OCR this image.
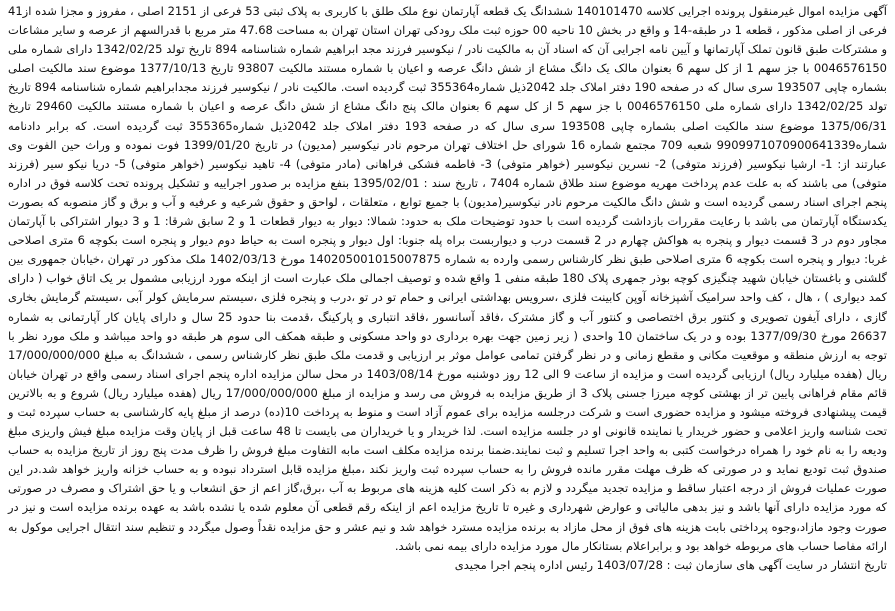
آگهی مزایده اموال غیرمنقول پرونده اجرایی کلاسه 140101470 ششدانگ یک قطعه آپارتمان نوع ملک طلق با کاربری به پلاک ثبتی 53 فرعی از 2151 اصلی ، مفروز و مجزا شده از41 فرعی از اصلی مذکور ، قطعه 1 در طبقه-14 و واقع در بخش 10 ناحیه 00 حوزه ثبت ملک رودکی تهران استان تهران به مساحت 47.68 متر مربع با قدرالسهم از عرصه و سایر مشاعات و مشترکات طبق قانون تملک آپارتمانها و آیین نامه اجرایی آن که اسناد آن به مالکیت نادر / نیکوسیر فرزند مجد ابراهیم شماره شناسنامه 894 تاریخ تولد 1342/02/25 دارای شماره ملی 0046576150 با جز سهم 1 از کل سهم 6 بعنوان مالک یک دانگ مشاع از شش دانگ عرصه و اعیان با شماره مستند مالکیت 93807 تاریخ 1377/10/13 موضوع سند مالکیت اصلی بشماره چاپی 193507 سری سال که در صفحه 190 دفتر املاک جلد 2042ذیل شماره355364 ثبت گردیده است. مالکیت نادر / نیکوسیر فرزند مجدابراهیم شماره شناسنامه 894 تاریخ تولد 1342/02/25 دارای شماره ملی 0046576150 با جز سهم 5 از کل سهم 6 بعنوان مالک پنج دانگ مشاع از شش دانگ عرصه و اعیان با شماره مستند مالکیت 29460 تاریخ 1375/06/31 موضوع سند مالکیت اصلی بشماره چاپی 193508 سری سال که در صفحه 193 دفتر املاک جلد 2042ذیل شماره355365 ثبت گردیده است. که برابر دادنامه شماره9909971070900641339 شعبه 709 مجتمع شماره 16 شورای حل اختلاف تهران مرحوم نادر نیکوسیر (مدیون) در تاریخ 1399/01/20 فوت نموده و وراث حین الفوت وی عبارتند از: 1- ارشیا نیکوسیر (فرزند متوفی) 2- نسرین نیکوسیر (خواهر متوفی) 3- فاطمه فشکی فراهانی (مادر متوفی) 4- تاهید نیکوسیر (خواهر متوفی) 5- دریا نیکو سیر (فرزند متوفی) می باشند که به علت عدم پرداخت مهریه موضوع سند طلاق شماره 7404 ، تاریخ سند : 1395/02/01 بنفع مزایده بر صدور اجراییه و تشکیل پرونده تحت کلاسه فوق در اداره پنجم اجرای اسناد رسمی گردیده است و شش دانگ مالکیت مرحوم نادر نیکوسیر(مدیون) با جمیع توابع ، متعلقات ، لواحق و حقوق شرعیه و عرفیه و آب و برق و گاز منصوبه که بصورت یکدستگاه آپارتمان می باشد با رعایت مقررات بازداشت گردیده است با حدود توضیحات ملک به حدود: شمالا: دیوار به دیوار قطعات 1 و 2 سابق شرقا: 1 و 3 دیوار اشتراکی با آپارتمان مجاور دوم در 3 قسمت دیوار و پنجره به هواکش چهارم در 2 قسمت درب و دیواربست براه پله جنوبا: اول دیوار و پنجره است به حیاط دوم دیوار و پنجره است بکوچه 6 متری اصلاحی غربا: دیوار و پنجره است بکوچه 6 متری اصلاحی طبق نظر کارشناس رسمی وارده به شماره 140205001015007875 مورخ 1402/03/13 ملک مذکور در تهران ،خیابان جمهوری بین گلشنی و باغستان خیابان شهید چنگیزی کوچه بوذر جمهری پلاک 180 طبقه منفی 1 واقع شده و توصیف اجمالی ملک عبارت است از اینکه مورد ارزیابی مشمول بر یک اتاق خواب ( دارای کمد دیواری ) ، هال ، کف واحد سرامیک آشپزخانه آوپن کابینت فلزی ،سرویس بهداشتی ایرانی و حمام تو در تو ،درب و پنجره فلزی ،سیستم سرمایش کولر آبی ،سیستم گرمایش بخاری گازی ، دارای آیفون تصویری و کنتور برق اختصاصی و کنتور آب و گاز مشترک ،فاقد آسانسور ،فاقد انتباری و پارکینگ ،قدمت بنا حدود 25 سال و دارای پایان کار آپارتمانی به شماره 26637 مورخ 1377/09/30 بوده و در یک ساختمان 10 واحدی ( زیر زمین جهت بهره برداری دو واحد مسکونی و طبقه همکف الی سوم هر طبقه دو واحد میباشد و ملک مورد نظر با توجه به ارزش منطقه و موقعیت مکانی و مقطع زمانی و در نظر گرفتن تمامی عوامل موثر بر ارزیابی و قدمت ملک طبق نظر کارشناس رسمی ، ششدانگ به مبلغ 17/000/000/000 ریال (هفده میلیارد ریال) ارزیابی گردیده است و مزایده از ساعت 9 الی 12 روز دوشنبه مورخ 1403/08/14 در محل سالن مزایده اداره پنجم اجرای اسناد رسمی واقع در تهران خیابان قائم مقام فراهانی پایین تر از بهشتی کوچه میرزا جسنی پلاک 3 از طریق مزایده به فروش می رسد و مزایده از مبلغ 17/000/000/000 ریال (هفده میلیارد ریال) شروع و به بالاترین قیمت پیشنهادی فروخته میشود و مزایده حضوری است و شرکت درجلسه مزایده برای عموم آزاد است و منوط به پرداخت 10(ده) درصد از مبلغ پایه کارشناسی به حساب سپرده ثبت و تحت شناسه واریز اعلامی و حضور خریدار یا نماینده قانونی او در جلسه مزایده است. لذا خریدار و یا خریداران می بایست تا 48 ساعت قبل از پایان وقت مزایده مبلغ فیش واریزی مبلغ ودیعه را به نام خود را همراه درخواست کتبی به واحد اجرا تسلیم و ثبت نمایند.ضمنا برنده مزایده مکلف است مابه التفاوت مبلغ فروش را ظرف مدت پنج روز از تاریخ مزایده به حساب صندوق ثبت تودیع نماید و در صورتی که ظرف مهلت مقرر مانده فروش را به حساب سپرده ثبت واریز نکند ،مبلغ مزایده قابل استرداد نبوده و به حساب خزانه واریز خواهد شد.در این صورت عملیات فروش از درجه اعتبار ساقط و مزایده تجدید میگردد و لازم به ذکر است کلیه هزینه های مربوط به آب ،برق،گاز اعم از حق انشعاب و یا حق اشتراک و مصرف در صورتی که مورد مزایده دارای آنها باشد و نیز بدهی مالیاتی و عوارض شهرداری و غیره تا تاریخ مزایده اعم از اینکه رقم قطعی آن معلوم شده یا نشده باشد به عهده برنده مزایده است و نیز در صورت وجود مازاد،وجوه پرداختی بابت هزینه های فوق از محل مازاد به برنده مزایده مسترد خواهد شد و نیم عشر و حق مزایده نقداً وصول میگردد و تنظیم سند انتقال اجرایی موکول به ارائه مفاصا حساب های مربوطه خواهد بود و برابراعلام بستانکار مال مورد مزایده دارای بیمه نمی باشد.

تاریخ انتشار در سایت آگهی های سازمان ثبت : 1403/07/28 رئیس اداره پنجم اجرا مجیدی
